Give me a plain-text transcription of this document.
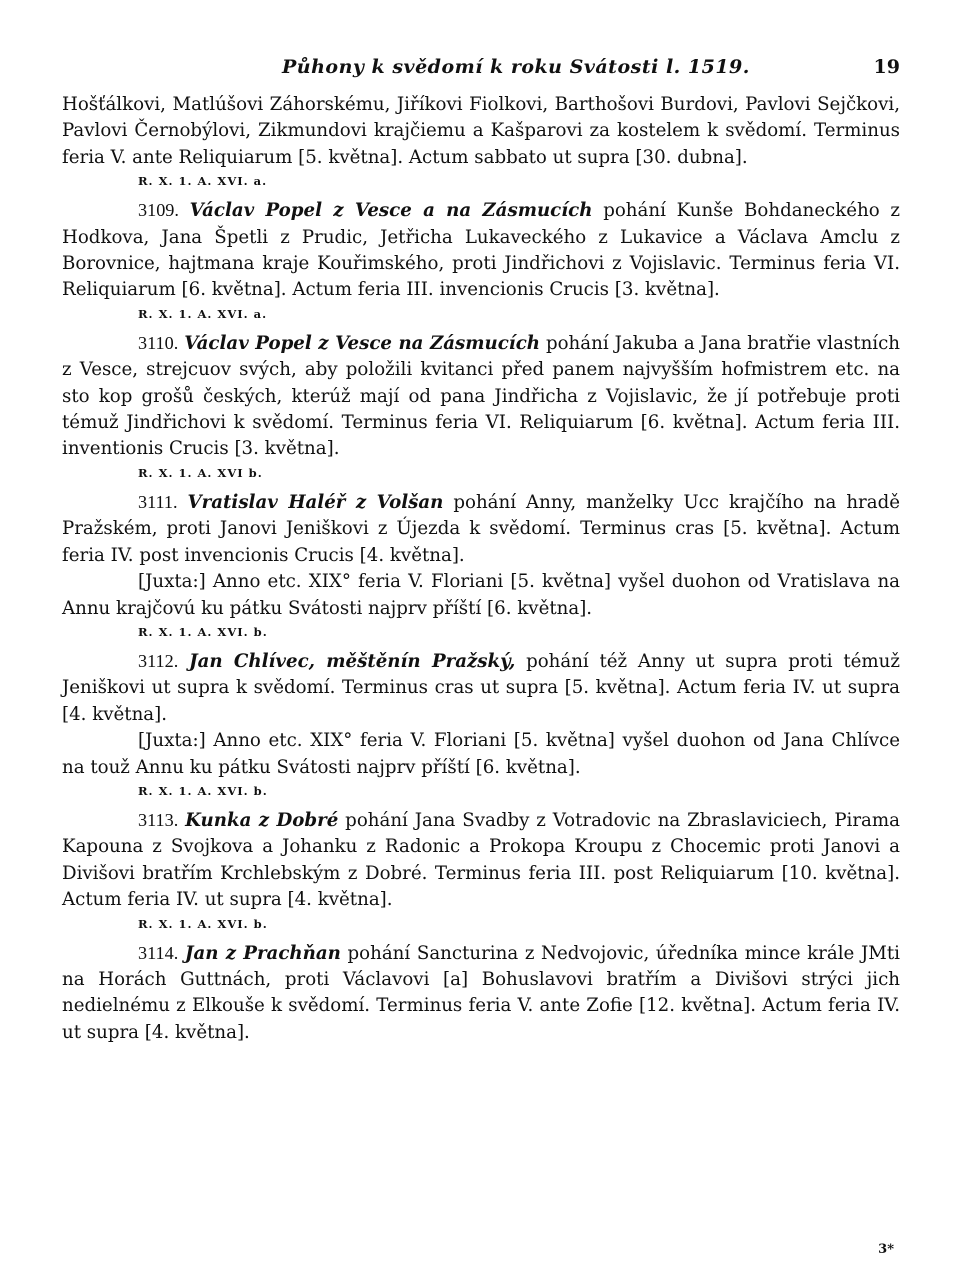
Půhony k svědomí k roku Svátosti l. 1519.	19

Hošťálkovi, Matlúšovi Záhorskému, Jiříkovi Fiolkovi, Barthošovi Burdovi, Pavlovi Sejčkovi, Pavlovi Černobýlovi, Zikmundovi krajčiemu a Kašparovi za kostelem k svědomí. Terminus feria V. ante Reliquiarum [5. května]. Actum sabbato ut supra [30. dubna].

R. X. 1. A. XVI. a.

3109. Václav Popel z Vesce a na Zásmucích pohání Kunše Bohdaneckého z Hodkova, Jana Špetli z Prudic, Jetřicha Lukaveckého z Lukavice a Václava Amclu z Borovnice, hajtmana kraje Kouřimského, proti Jindřichovi z Vojislavic. Terminus feria VI. Reliquiarum [6. května]. Actum feria III. invencionis Crucis [3. května].

R. X. 1. A. XVI. a.

3110. Václav Popel z Vesce na Zásmucích pohání Jakuba a Jana bratřie vlastních z Vesce, strejcuov svých, aby položili kvitanci před panem najvyšším hofmistrem etc. na sto kop grošů českých, kterúž mají od pana Jindřicha z Vojislavic, že jí potřebuje proti témuž Jindřichovi k svědomí. Terminus feria VI. Reliquiarum [6. května]. Actum feria III. inventionis Crucis [3. května].

R. X. 1. A. XVI b.

3111. Vratislav Haléř z Volšan pohání Anny, manželky Ucc krajčího na hradě Pražském, proti Janovi Jeniškovi z Újezda k svědomí. Terminus cras [5. května]. Actum feria IV. post invencionis Crucis [4. května].

[Juxta:] Anno etc. XIX° feria V. Floriani [5. května] vyšel duohon od Vratislava na Annu krajčovú ku pátku Svátosti najprv příští [6. května].

R. X. 1. A. XVI. b.

3112. Jan Chlívec, měštěnín Pražský, pohání též Anny ut supra proti témuž Jeniškovi ut supra k svědomí. Terminus cras ut supra [5. května]. Actum feria IV. ut supra [4. května].

[Juxta:] Anno etc. XIX° feria V. Floriani [5. května] vyšel duohon od Jana Chlívce na touž Annu ku pátku Svátosti najprv příští [6. května].

R. X. 1. A. XVI. b.

3113. Kunka z Dobré pohání Jana Svadby z Votradovic na Zbraslaviciech, Pirama Kapouna z Svojkova a Johanku z Radonic a Prokopa Kroupu z Chocemic proti Janovi a Divišovi bratřím Krchlebským z Dobré. Terminus feria III. post Reliquiarum [10. května]. Actum feria IV. ut supra [4. května].

R. X. 1. A. XVI. b.

3114. Jan z Prachňan pohání Sancturina z Nedvojovic, úředníka mince krále JMti na Horách Guttnách, proti Václavovi [a] Bohuslavovi bratřím a Divišovi strýci jich nedielnému z Elkouše k svědomí. Terminus feria V. ante Zofie [12. května]. Actum feria IV. ut supra [4. května].

3*
